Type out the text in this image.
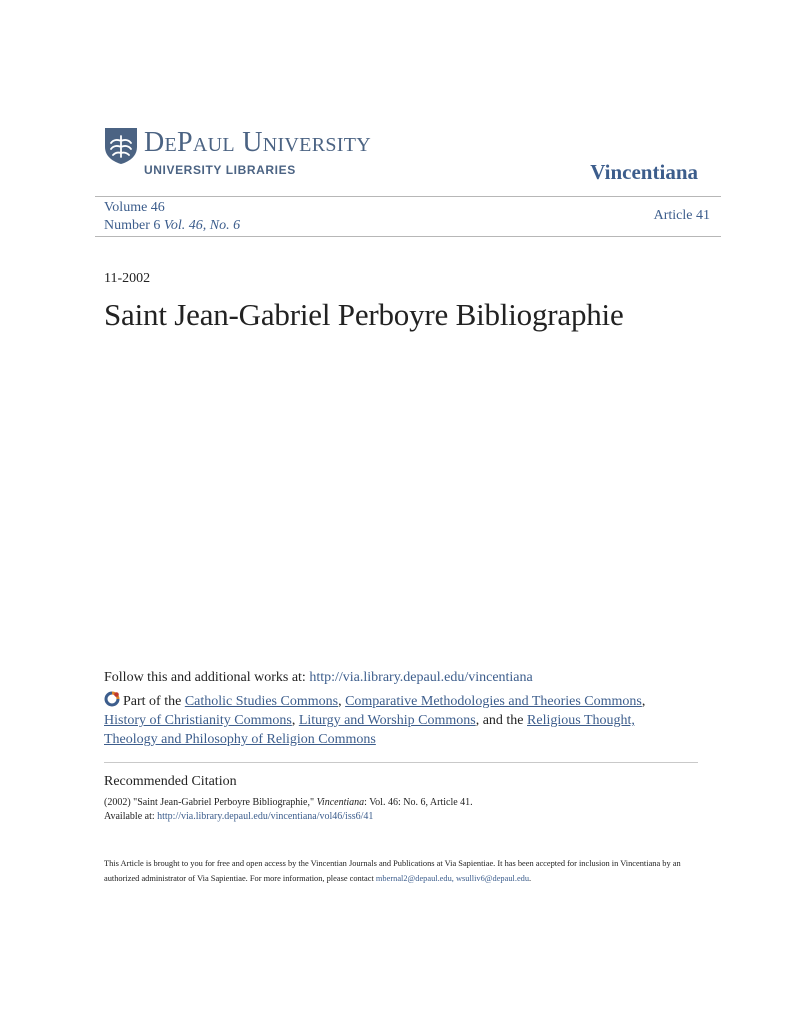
DePaul University
UNIVERSITY LIBRARIES	Vincentiana
Volume 46
Number 6 Vol. 46, No. 6
Article 41
11-2002
Saint Jean-Gabriel Perboyre Bibliographie
Follow this and additional works at: http://via.library.depaul.edu/vincentiana
Part of the Catholic Studies Commons, Comparative Methodologies and Theories Commons, History of Christianity Commons, Liturgy and Worship Commons, and the Religious Thought, Theology and Philosophy of Religion Commons
Recommended Citation
(2002) "Saint Jean-Gabriel Perboyre Bibliographie," Vincentiana: Vol. 46: No. 6, Article 41.
Available at: http://via.library.depaul.edu/vincentiana/vol46/iss6/41
This Article is brought to you for free and open access by the Vincentian Journals and Publications at Via Sapientiae. It has been accepted for inclusion in Vincentiana by an authorized administrator of Via Sapientiae. For more information, please contact mbernal2@depaul.edu, wsulliv6@depaul.edu.
